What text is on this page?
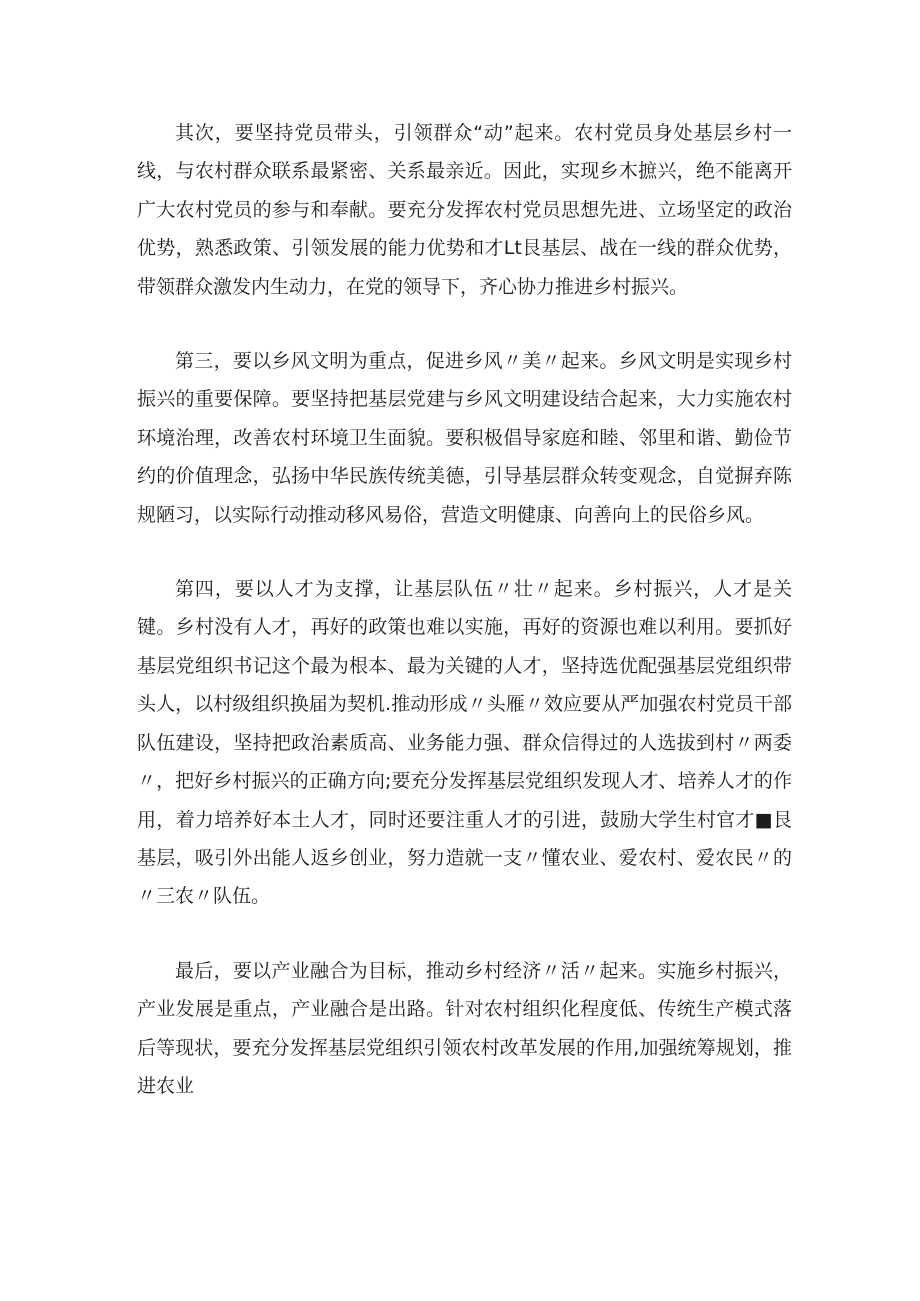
其次，要坚持党员带头，引领群众“动”起来。农村党员身处基层乡村一线，与农村群众联系最紧密、关系最亲近。因此，实现乡木摭兴，绝不能离开广大农村党员的参与和奉献。要充分发挥农村党员思想先进、立场坚定的政治优势，熟悉政策、引领发展的能力优势和才Lt艮基层、战在一线的群众优势，带领群众激发内生动力，在党的领导下，齐心协力推进乡村振兴。

第三，要以乡风文明为重点，促进乡风〃美〃起来。乡风文明是实现乡村振兴的重要保障。要坚持把基层党建与乡风文明建设结合起来，大力实施农村环境治理，改善农村环境卫生面貌。要积极倡导家庭和睦、邻里和谐、勤俭节约的价值理念，弘扬中华民族传统美德，引导基层群众转变观念，自觉摒弃陈规陋习，以实际行动推动移风易俗，营造文明健康、向善向上的民俗乡风。

第四，要以人才为支撑，让基层队伍〃壮〃起来。乡村振兴，人才是关键。乡村没有人才，再好的政策也难以实施，再好的资源也难以利用。要抓好基层党组织书记这个最为根本、最为关键的人才，坚持选优配强基层党组织带头人，以村级组织换届为契机.推动形成〃头雁〃效应要从严加强农村党员干部队伍建设，坚持把政治素质高、业务能力强、群众信得过的人选拔到村〃两委〃，把好乡村振兴的正确方向;要充分发挥基层党组织发现人才、培养人才的作用，着力培养好本土人才，同时还要注重人才的引进，鼓励大学生村官才■艮基层，吸引外出能人返乡创业，努力造就一支〃懂农业、爱农村、爱农民〃的〃三农〃队伍。

最后，要以产业融合为目标，推动乡村经济〃活〃起来。实施乡村振兴，产业发展是重点，产业融合是出路。针对农村组织化程度低、传统生产模式落后等现状，要充分发挥基层党组织引领农村改革发展的作用,加强统筹规划，推进农业
